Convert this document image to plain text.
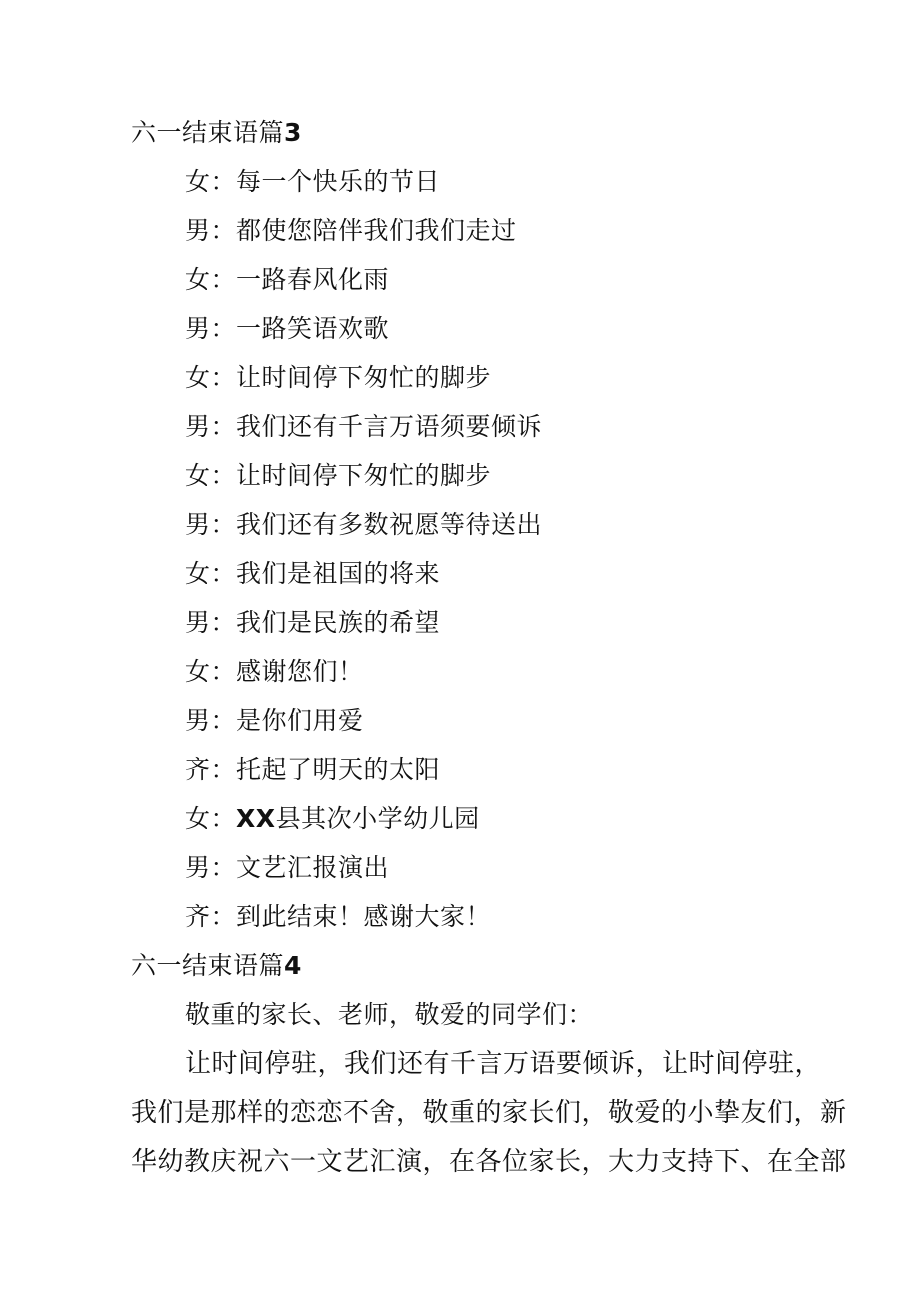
六一结束语篇3
女：每一个快乐的节日
男：都使您陪伴我们我们走过
女：一路春风化雨
男：一路笑语欢歌
女：让时间停下匆忙的脚步
男：我们还有千言万语须要倾诉
女：让时间停下匆忙的脚步
男：我们还有多数祝愿等待送出
女：我们是祖国的将来
男：我们是民族的希望
女：感谢您们！
男：是你们用爱
齐：托起了明天的太阳
女：XX县其次小学幼儿园
男：文艺汇报演出
齐：到此结束！感谢大家！
六一结束语篇4
敬重的家长、老师，敬爱的同学们：
让时间停驻，我们还有千言万语要倾诉，让时间停驻，
我们是那样的恋恋不舍，敬重的家长们，敬爱的小挚友们，新
华幼教庆祝六一文艺汇演，在各位家长，大力支持下、在全部
